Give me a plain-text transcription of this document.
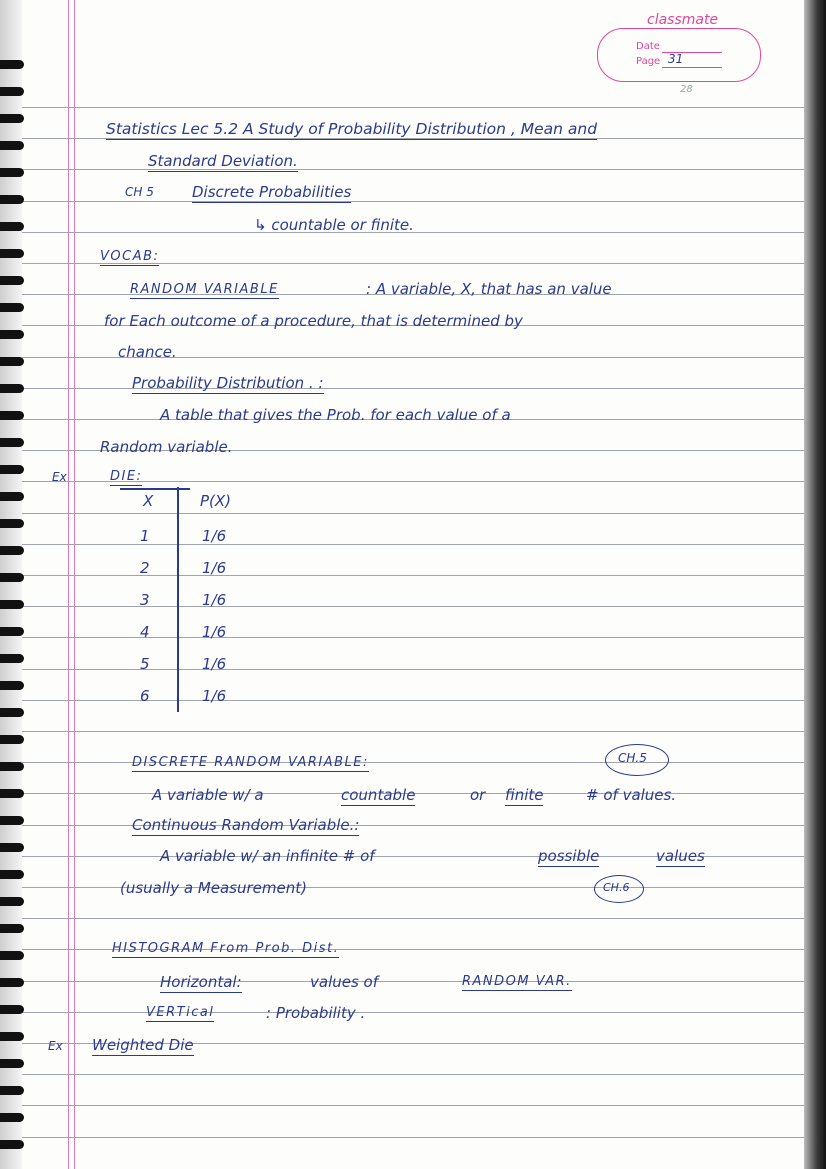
classmate
Date
Page 31
28
Statistics Lec 5.2 A Study of Probability Distribution , Mean and
Standard Deviation.
CH 5	Discrete Probabilities
↳ countable or finite.
VOCAB:
RANDOM VARIABLE	: A variable, X, that has an value
for Each outcome of a procedure, that is determined by
chance.
Probability Distribution . :
A table that gives the Prob. for each value of a
Random variable.
Ex	DIE:
X	P(X)
1	1/6
2	1/6
3	1/6
4	1/6
5	1/6
6	1/6
DISCRETE RANDOM VARIABLE:	CH.5
A variable w/ a	countable	or finite	# of values.
Continuous Random Variable.:
A variable w/ an infinite # of	possible	values
(usually a Measurement)	CH.6
HISTOGRAM From Prob. Dist.
Horizontal:	values of	RANDOM VAR.
VERTical	: Probability .
Ex Weighted Die
